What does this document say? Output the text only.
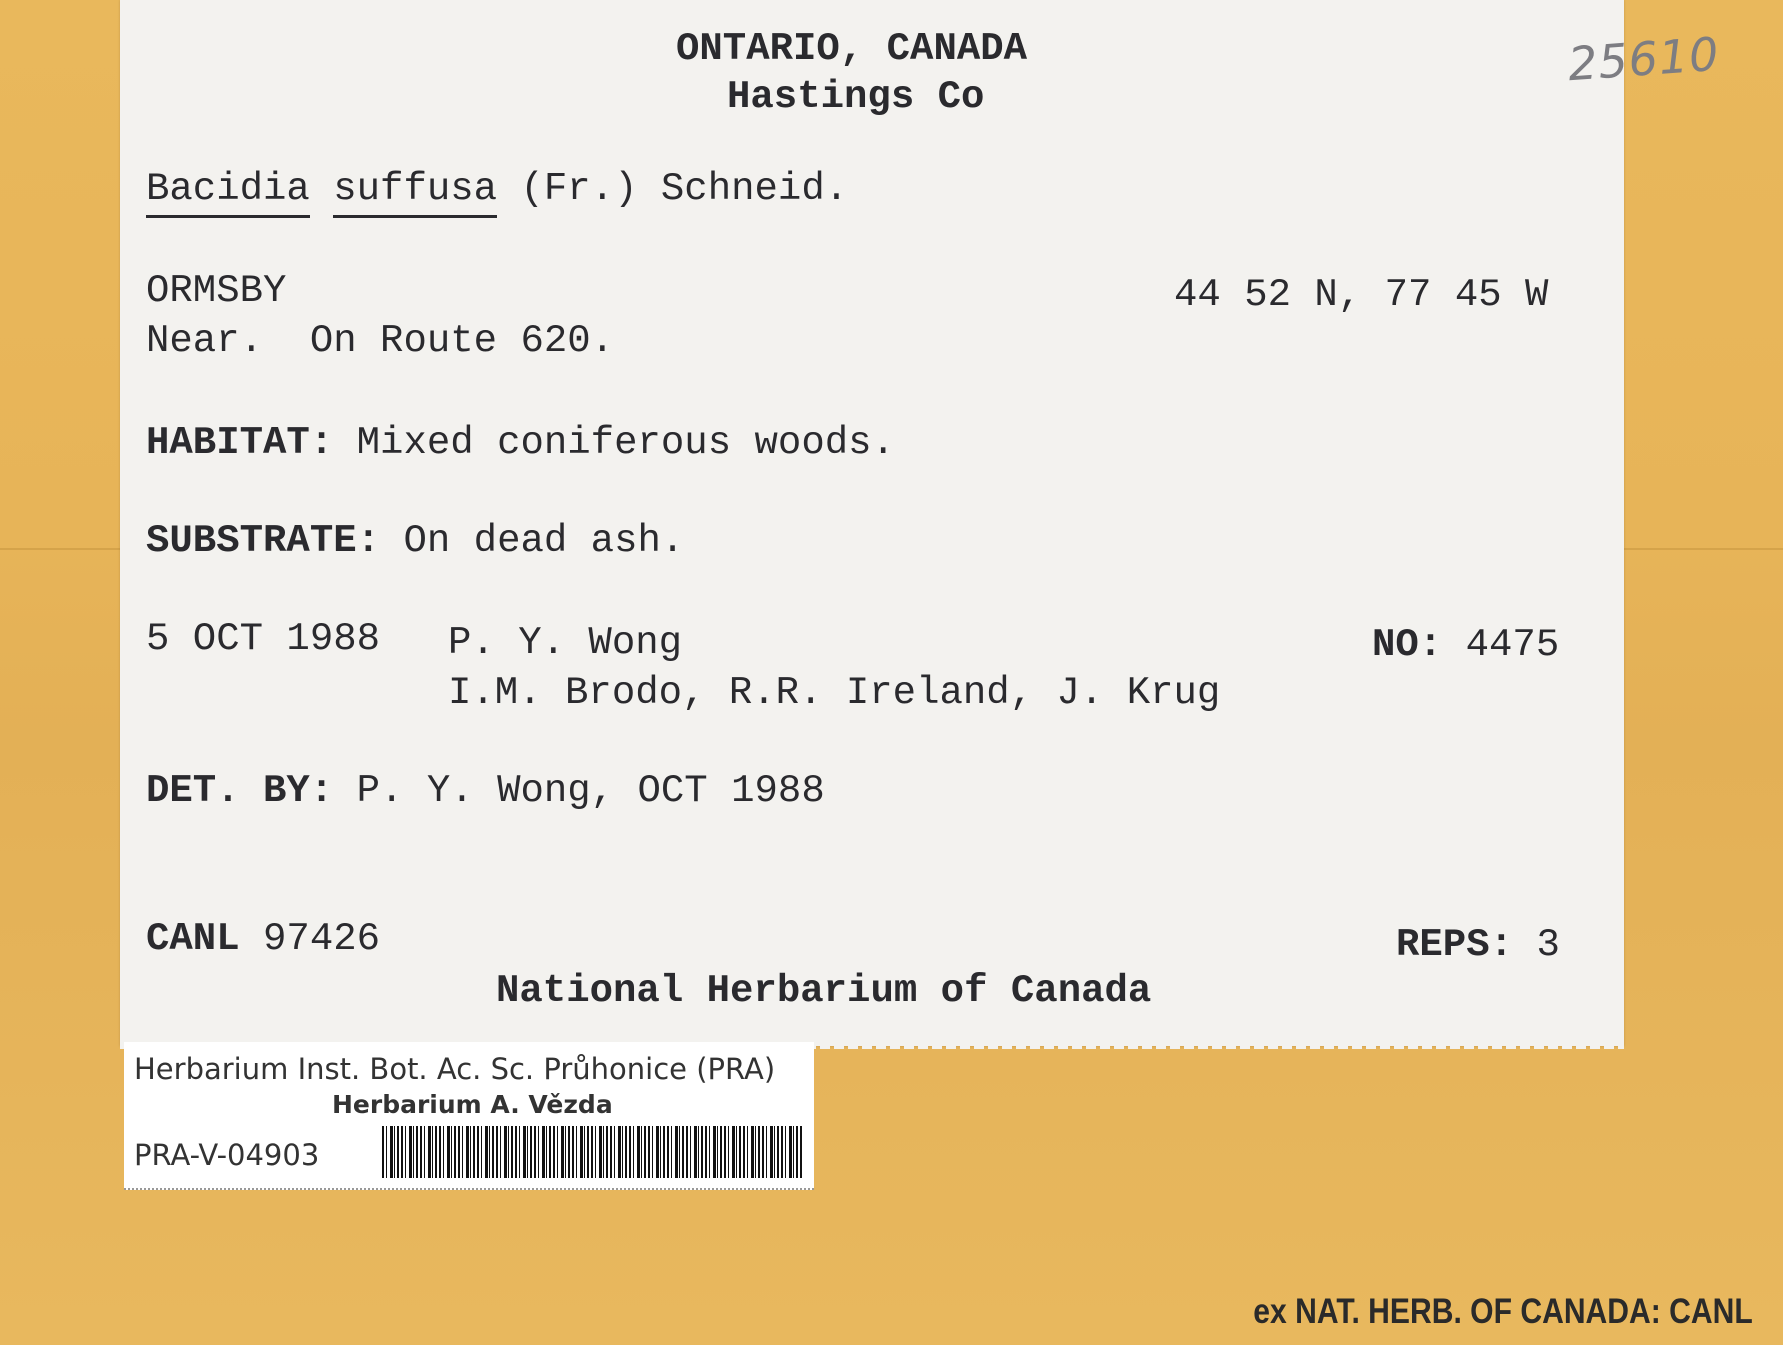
25610
ONTARIO, CANADA
Hastings Co
Bacidia suffusa (Fr.) Schneid.
ORMSBY	44 52 N, 77 45 W
Near.  On Route 620.
HABITAT: Mixed coniferous woods.
SUBSTRATE: On dead ash.
5 OCT 1988 P. Y. Wong
I.M. Brodo, R.R. Ireland, J. Krug
NO: 4475
DET. BY: P. Y. Wong, OCT 1988
CANL 97426	REPS: 3
National Herbarium of Canada
Herbarium Inst. Bot. Ac. Sc. Průhonice (PRA)
Herbarium A. Vězda
PRA-V-04903
ex NAT. HERB. OF CANADA: CANL
